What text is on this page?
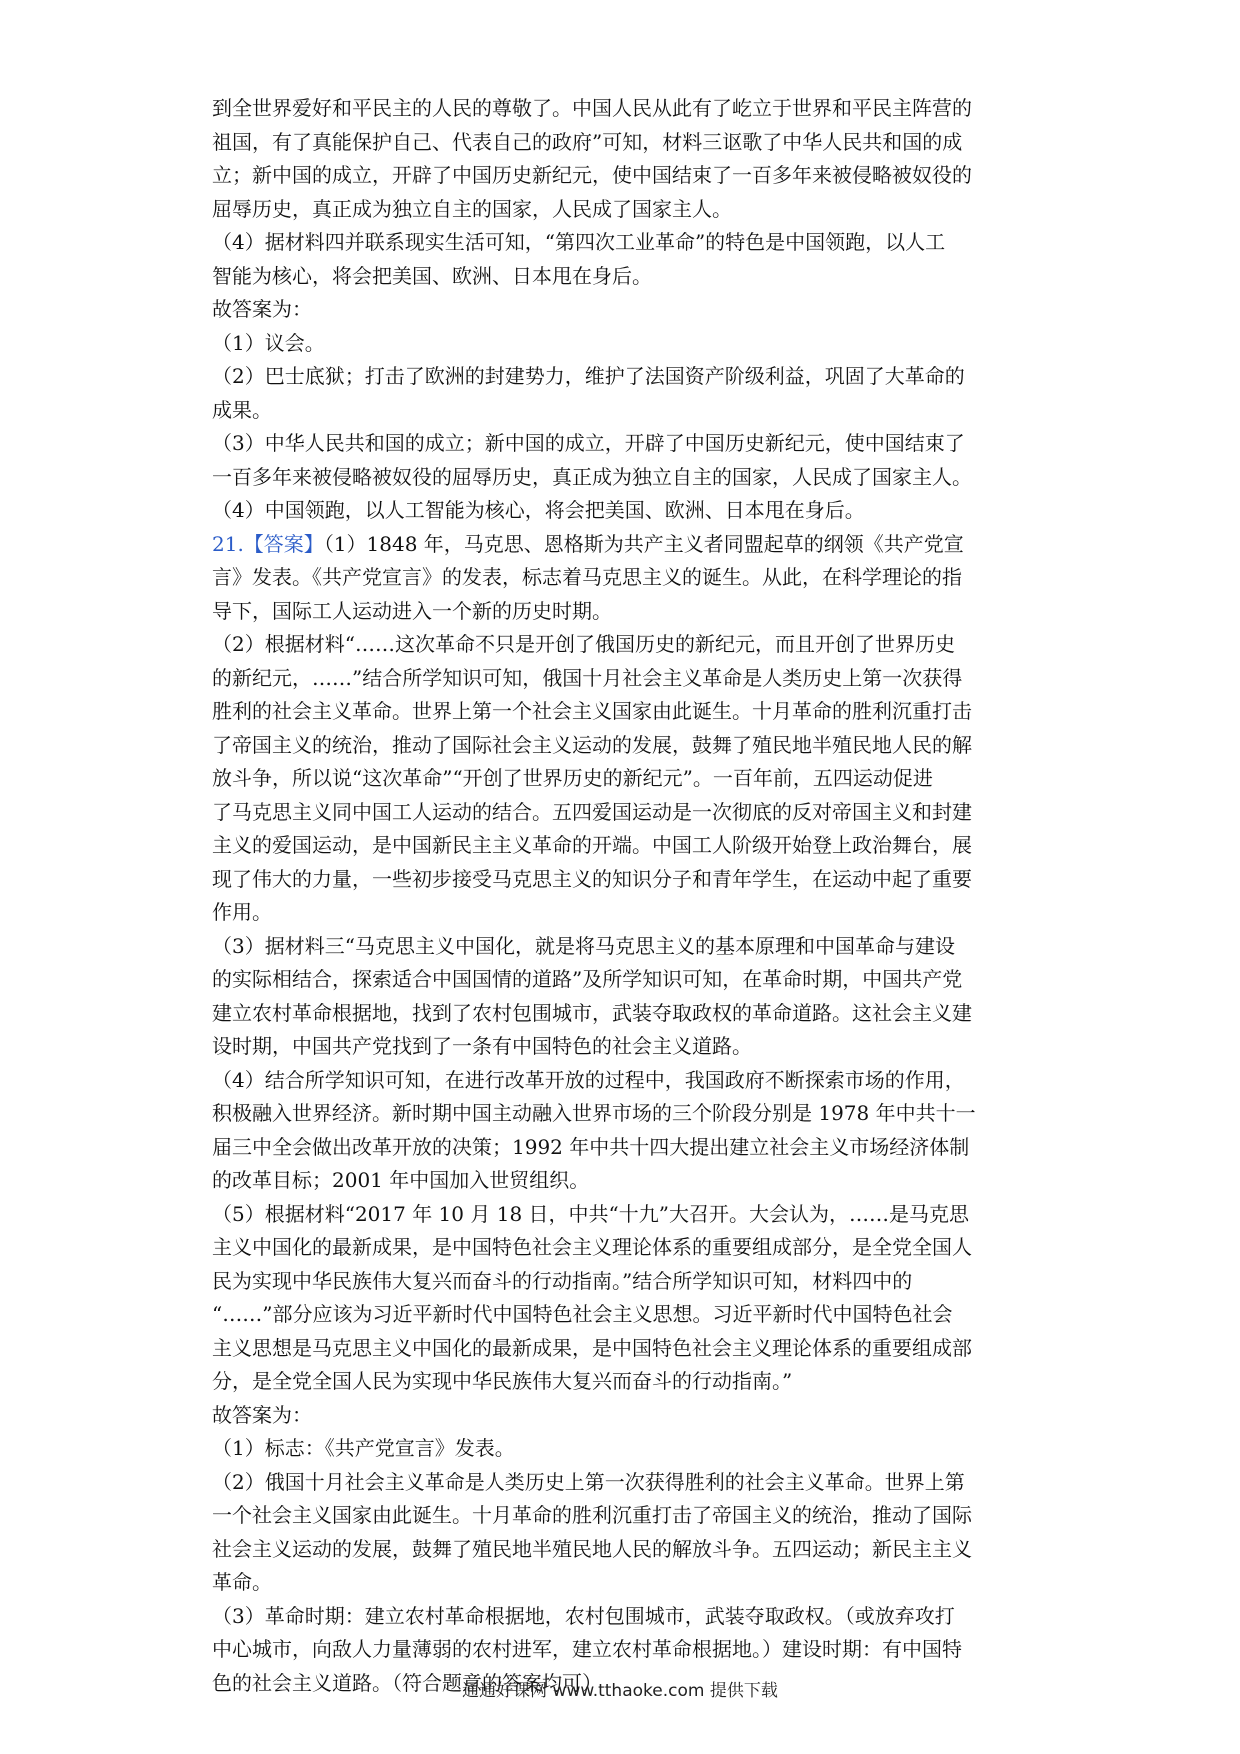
到全世界爱好和平民主的人民的尊敬了。中国人民从此有了屹立于世界和平民主阵营的
祖国，有了真能保护自己、代表自己的政府”可知，材料三讴歌了中华人民共和国的成
立；新中国的成立，开辟了中国历史新纪元，使中国结束了一百多年来被侵略被奴役的
屈辱历史，真正成为独立自主的国家，人民成了国家主人。
（4）据材料四并联系现实生活可知，“第四次工业革命”的特色是中国领跑，以人工
智能为核心，将会把美国、欧洲、日本甩在身后。
故答案为：
（1）议会。
（2）巴士底狱；打击了欧洲的封建势力，维护了法国资产阶级利益，巩固了大革命的
成果。
（3）中华人民共和国的成立；新中国的成立，开辟了中国历史新纪元，使中国结束了
一百多年来被侵略被奴役的屈辱历史，真正成为独立自主的国家，人民成了国家主人。
（4）中国领跑，以人工智能为核心，将会把美国、欧洲、日本甩在身后。
21.【答案】（1）1848 年，马克思、恩格斯为共产主义者同盟起草的纲领《共产党宣
言》发表。《共产党宣言》的发表，标志着马克思主义的诞生。从此，在科学理论的指
导下，国际工人运动进入一个新的历史时期。
（2）根据材料“……这次革命不只是开创了俄国历史的新纪元，而且开创了世界历史
的新纪元，……”结合所学知识可知，俄国十月社会主义革命是人类历史上第一次获得
胜利的社会主义革命。世界上第一个社会主义国家由此诞生。十月革命的胜利沉重打击
了帝国主义的统治，推动了国际社会主义运动的发展，鼓舞了殖民地半殖民地人民的解
放斗争，所以说“这次革命”“开创了世界历史的新纪元”。一百年前，五四运动促进
了马克思主义同中国工人运动的结合。五四爱国运动是一次彻底的反对帝国主义和封建
主义的爱国运动，是中国新民主主义革命的开端。中国工人阶级开始登上政治舞台，展
现了伟大的力量，一些初步接受马克思主义的知识分子和青年学生，在运动中起了重要
作用。
（3）据材料三“马克思主义中国化，就是将马克思主义的基本原理和中国革命与建设
的实际相结合，探索适合中国国情的道路”及所学知识可知，在革命时期，中国共产党
建立农村革命根据地，找到了农村包围城市，武装夺取政权的革命道路。这社会主义建
设时期，中国共产党找到了一条有中国特色的社会主义道路。
（4）结合所学知识可知，在进行改革开放的过程中，我国政府不断探索市场的作用，
积极融入世界经济。新时期中国主动融入世界市场的三个阶段分别是 1978 年中共十一
届三中全会做出改革开放的决策；1992 年中共十四大提出建立社会主义市场经济体制
的改革目标；2001 年中国加入世贸组织。
（5）根据材料“2017 年 10 月 18 日，中共“十九”大召开。大会认为，……是马克思
主义中国化的最新成果，是中国特色社会主义理论体系的重要组成部分，是全党全国人
民为实现中华民族伟大复兴而奋斗的行动指南。”结合所学知识可知，材料四中的
“……”部分应该为习近平新时代中国特色社会主义思想。习近平新时代中国特色社会
主义思想是马克思主义中国化的最新成果，是中国特色社会主义理论体系的重要组成部
分，是全党全国人民为实现中华民族伟大复兴而奋斗的行动指南。”
故答案为：
（1）标志：《共产党宣言》发表。
（2）俄国十月社会主义革命是人类历史上第一次获得胜利的社会主义革命。世界上第
一个社会主义国家由此诞生。十月革命的胜利沉重打击了帝国主义的统治，推动了国际
社会主义运动的发展，鼓舞了殖民地半殖民地人民的解放斗争。五四运动；新民主主义
革命。
（3）革命时期：建立农村革命根据地，农村包围城市，武装夺取政权。（或放弃攻打
中心城市，向敌人力量薄弱的农村进军，建立农村革命根据地。）建设时期：有中国特
色的社会主义道路。（符合题意的答案均可）
通通好课网 www.tthaoke.com 提供下载
